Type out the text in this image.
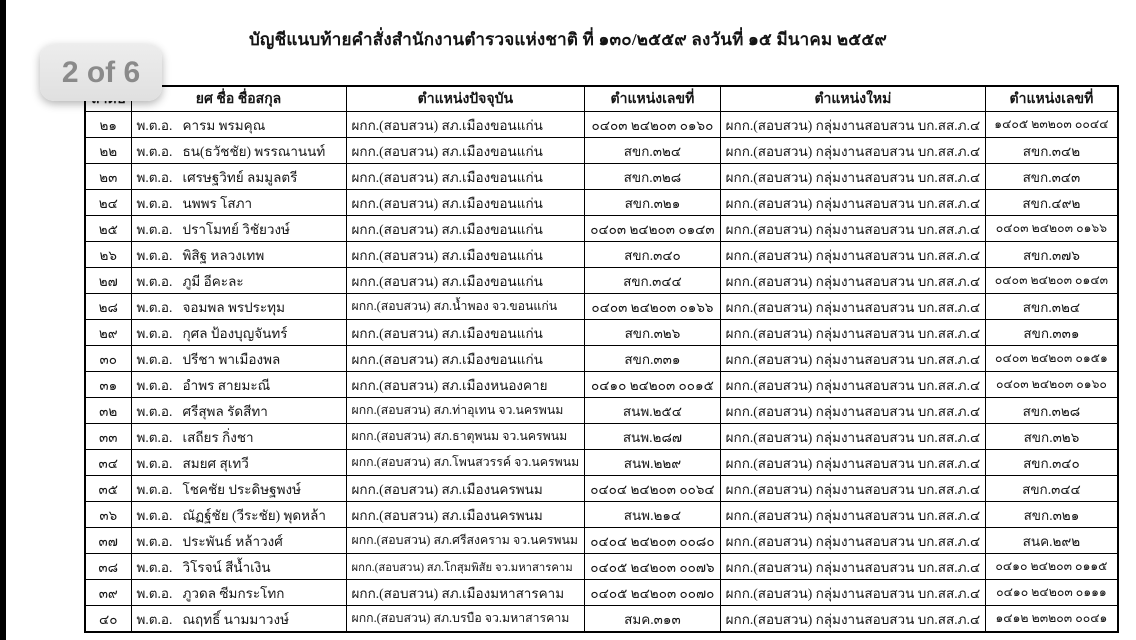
บัญชีแนบท้ายคำสั่งสำนักงานตำรวจแห่งชาติ ที่ ๑๓๐/๒๕๕๙ ลงวันที่ ๑๕ มีนาคม ๒๕๕๙
2 of 6
	ยศ ชื่อ ชื่อสกุล	ตำแหน่งปัจจุบัน	ตำแหน่งเลขที่	ตำแหน่งใหม่	ตำแหน่งเลขที่
๒๑	พ.ต.อ. คารม พรมคุณ	ผกก.(สอบสวน) สภ.เมืองขอนแก่น	๐๔๐๓ ๒๔๒๐๓ ๐๑๖๐	ผกก.(สอบสวน) กลุ่มงานสอบสวน บก.สส.ภ.๔	๑๔๐๕ ๒๓๒๐๓ ๐๐๔๔
๒๒	พ.ต.อ. ธน(ธวัชชัย) พรรณานนท์	ผกก.(สอบสวน) สภ.เมืองขอนแก่น	สขก.๓๒๔	ผกก.(สอบสวน) กลุ่มงานสอบสวน บก.สส.ภ.๔	สขก.๓๔๒
๒๓	พ.ต.อ. เศรษฐวิทย์ ลมมูลตรี	ผกก.(สอบสวน) สภ.เมืองขอนแก่น	สขก.๓๒๘	ผกก.(สอบสวน) กลุ่มงานสอบสวน บก.สส.ภ.๔	สขก.๓๔๓
๒๔	พ.ต.อ. นพพร โสภา	ผกก.(สอบสวน) สภ.เมืองขอนแก่น	สขก.๓๒๑	ผกก.(สอบสวน) กลุ่มงานสอบสวน บก.สส.ภ.๔	สขก.๔๙๒
๒๕	พ.ต.อ. ปราโมทย์ วิชัยวงษ์	ผกก.(สอบสวน) สภ.เมืองขอนแก่น	๐๔๐๓ ๒๔๒๐๓ ๐๑๔๓	ผกก.(สอบสวน) กลุ่มงานสอบสวน บก.สส.ภ.๔	๐๔๐๓ ๒๔๒๐๓ ๐๑๖๖
๒๖	พ.ต.อ. พิสิฐ หลวงเทพ	ผกก.(สอบสวน) สภ.เมืองขอนแก่น	สขก.๓๔๐	ผกก.(สอบสวน) กลุ่มงานสอบสวน บก.สส.ภ.๔	สขก.๓๗๖
๒๗	พ.ต.อ. ภูมี อีคะละ	ผกก.(สอบสวน) สภ.เมืองขอนแก่น	สขก.๓๔๔	ผกก.(สอบสวน) กลุ่มงานสอบสวน บก.สส.ภ.๔	๐๔๐๓ ๒๔๒๐๓ ๐๑๔๓
๒๘	พ.ต.อ. จอมพล พรประทุม	ผกก.(สอบสวน) สภ.น้ำพอง จว.ขอนแก่น	๐๔๐๓ ๒๔๒๐๓ ๐๑๖๖	ผกก.(สอบสวน) กลุ่มงานสอบสวน บก.สส.ภ.๔	สขก.๓๒๔
๒๙	พ.ต.อ. กุศล ป้องบุญจันทร์	ผกก.(สอบสวน) สภ.เมืองขอนแก่น	สขก.๓๒๖	ผกก.(สอบสวน) กลุ่มงานสอบสวน บก.สส.ภ.๔	สขก.๓๓๑
๓๐	พ.ต.อ. ปรีชา พาเมืองพล	ผกก.(สอบสวน) สภ.เมืองขอนแก่น	สขก.๓๓๑	ผกก.(สอบสวน) กลุ่มงานสอบสวน บก.สส.ภ.๔	๐๔๐๓ ๒๔๒๐๓ ๐๑๕๑
๓๑	พ.ต.อ. อำพร สายมะณี	ผกก.(สอบสวน) สภ.เมืองหนองคาย	๐๔๑๐ ๒๔๒๐๓ ๐๐๑๕	ผกก.(สอบสวน) กลุ่มงานสอบสวน บก.สส.ภ.๔	๐๔๐๓ ๒๔๒๐๓ ๐๑๖๐
๓๒	พ.ต.อ. ศรีสุพล รัดสีทา	ผกก.(สอบสวน) สภ.ท่าอุเทน จว.นครพนม	สนพ.๒๕๔	ผกก.(สอบสวน) กลุ่มงานสอบสวน บก.สส.ภ.๔	สขก.๓๒๘
๓๓	พ.ต.อ. เสถียร กิ่งชา	ผกก.(สอบสวน) สภ.ธาตุพนม จว.นครพนม	สนพ.๒๘๗	ผกก.(สอบสวน) กลุ่มงานสอบสวน บก.สส.ภ.๔	สขก.๓๒๖
๓๔	พ.ต.อ. สมยศ สุเทวี	ผกก.(สอบสวน) สภ.โพนสวรรค์ จว.นครพนม	สนพ.๒๒๙	ผกก.(สอบสวน) กลุ่มงานสอบสวน บก.สส.ภ.๔	สขก.๓๔๐
๓๕	พ.ต.อ. โชคชัย ประดิษฐพงษ์	ผกก.(สอบสวน) สภ.เมืองนครพนม	๐๔๐๔ ๒๔๒๐๓ ๐๐๖๔	ผกก.(สอบสวน) กลุ่มงานสอบสวน บก.สส.ภ.๔	สขก.๓๔๔
๓๖	พ.ต.อ. ณัฏฐ์ชัย (วีระชัย) พุดหล้า	ผกก.(สอบสวน) สภ.เมืองนครพนม	สนพ.๒๑๔	ผกก.(สอบสวน) กลุ่มงานสอบสวน บก.สส.ภ.๔	สขก.๓๒๑
๓๗	พ.ต.อ. ประพันธ์ หล้าวงศ์	ผกก.(สอบสวน) สภ.ศรีสงคราม จว.นครพนม	๐๔๐๔ ๒๔๒๐๓ ๐๐๘๐	ผกก.(สอบสวน) กลุ่มงานสอบสวน บก.สส.ภ.๔	สนค.๒๙๒
๓๘	พ.ต.อ. วิโรจน์ สีน้ำเงิน	ผกก.(สอบสวน) สภ.โกสุมพิสัย จว.มหาสารคาม	๐๔๐๕ ๒๔๒๐๓ ๐๐๗๖	ผกก.(สอบสวน) กลุ่มงานสอบสวน บก.สส.ภ.๔	๐๔๑๐ ๒๔๒๐๓ ๐๑๑๕
๓๙	พ.ต.อ. ภูวดล ซีมกระโทก	ผกก.(สอบสวน) สภ.เมืองมหาสารคาม	๐๔๐๕ ๒๔๒๐๓ ๐๐๗๐	ผกก.(สอบสวน) กลุ่มงานสอบสวน บก.สส.ภ.๔	๐๔๑๐ ๒๔๒๐๓ ๐๑๑๑
๔๐	พ.ต.อ. ณฤทธิ์ นามมาวงษ์	ผกก.(สอบสวน) สภ.บรบือ จว.มหาสารคาม	สมค.๓๑๓	ผกก.(สอบสวน) กลุ่มงานสอบสวน บก.สส.ภ.๔	๑๔๑๒ ๒๓๒๐๓ ๐๐๔๑
